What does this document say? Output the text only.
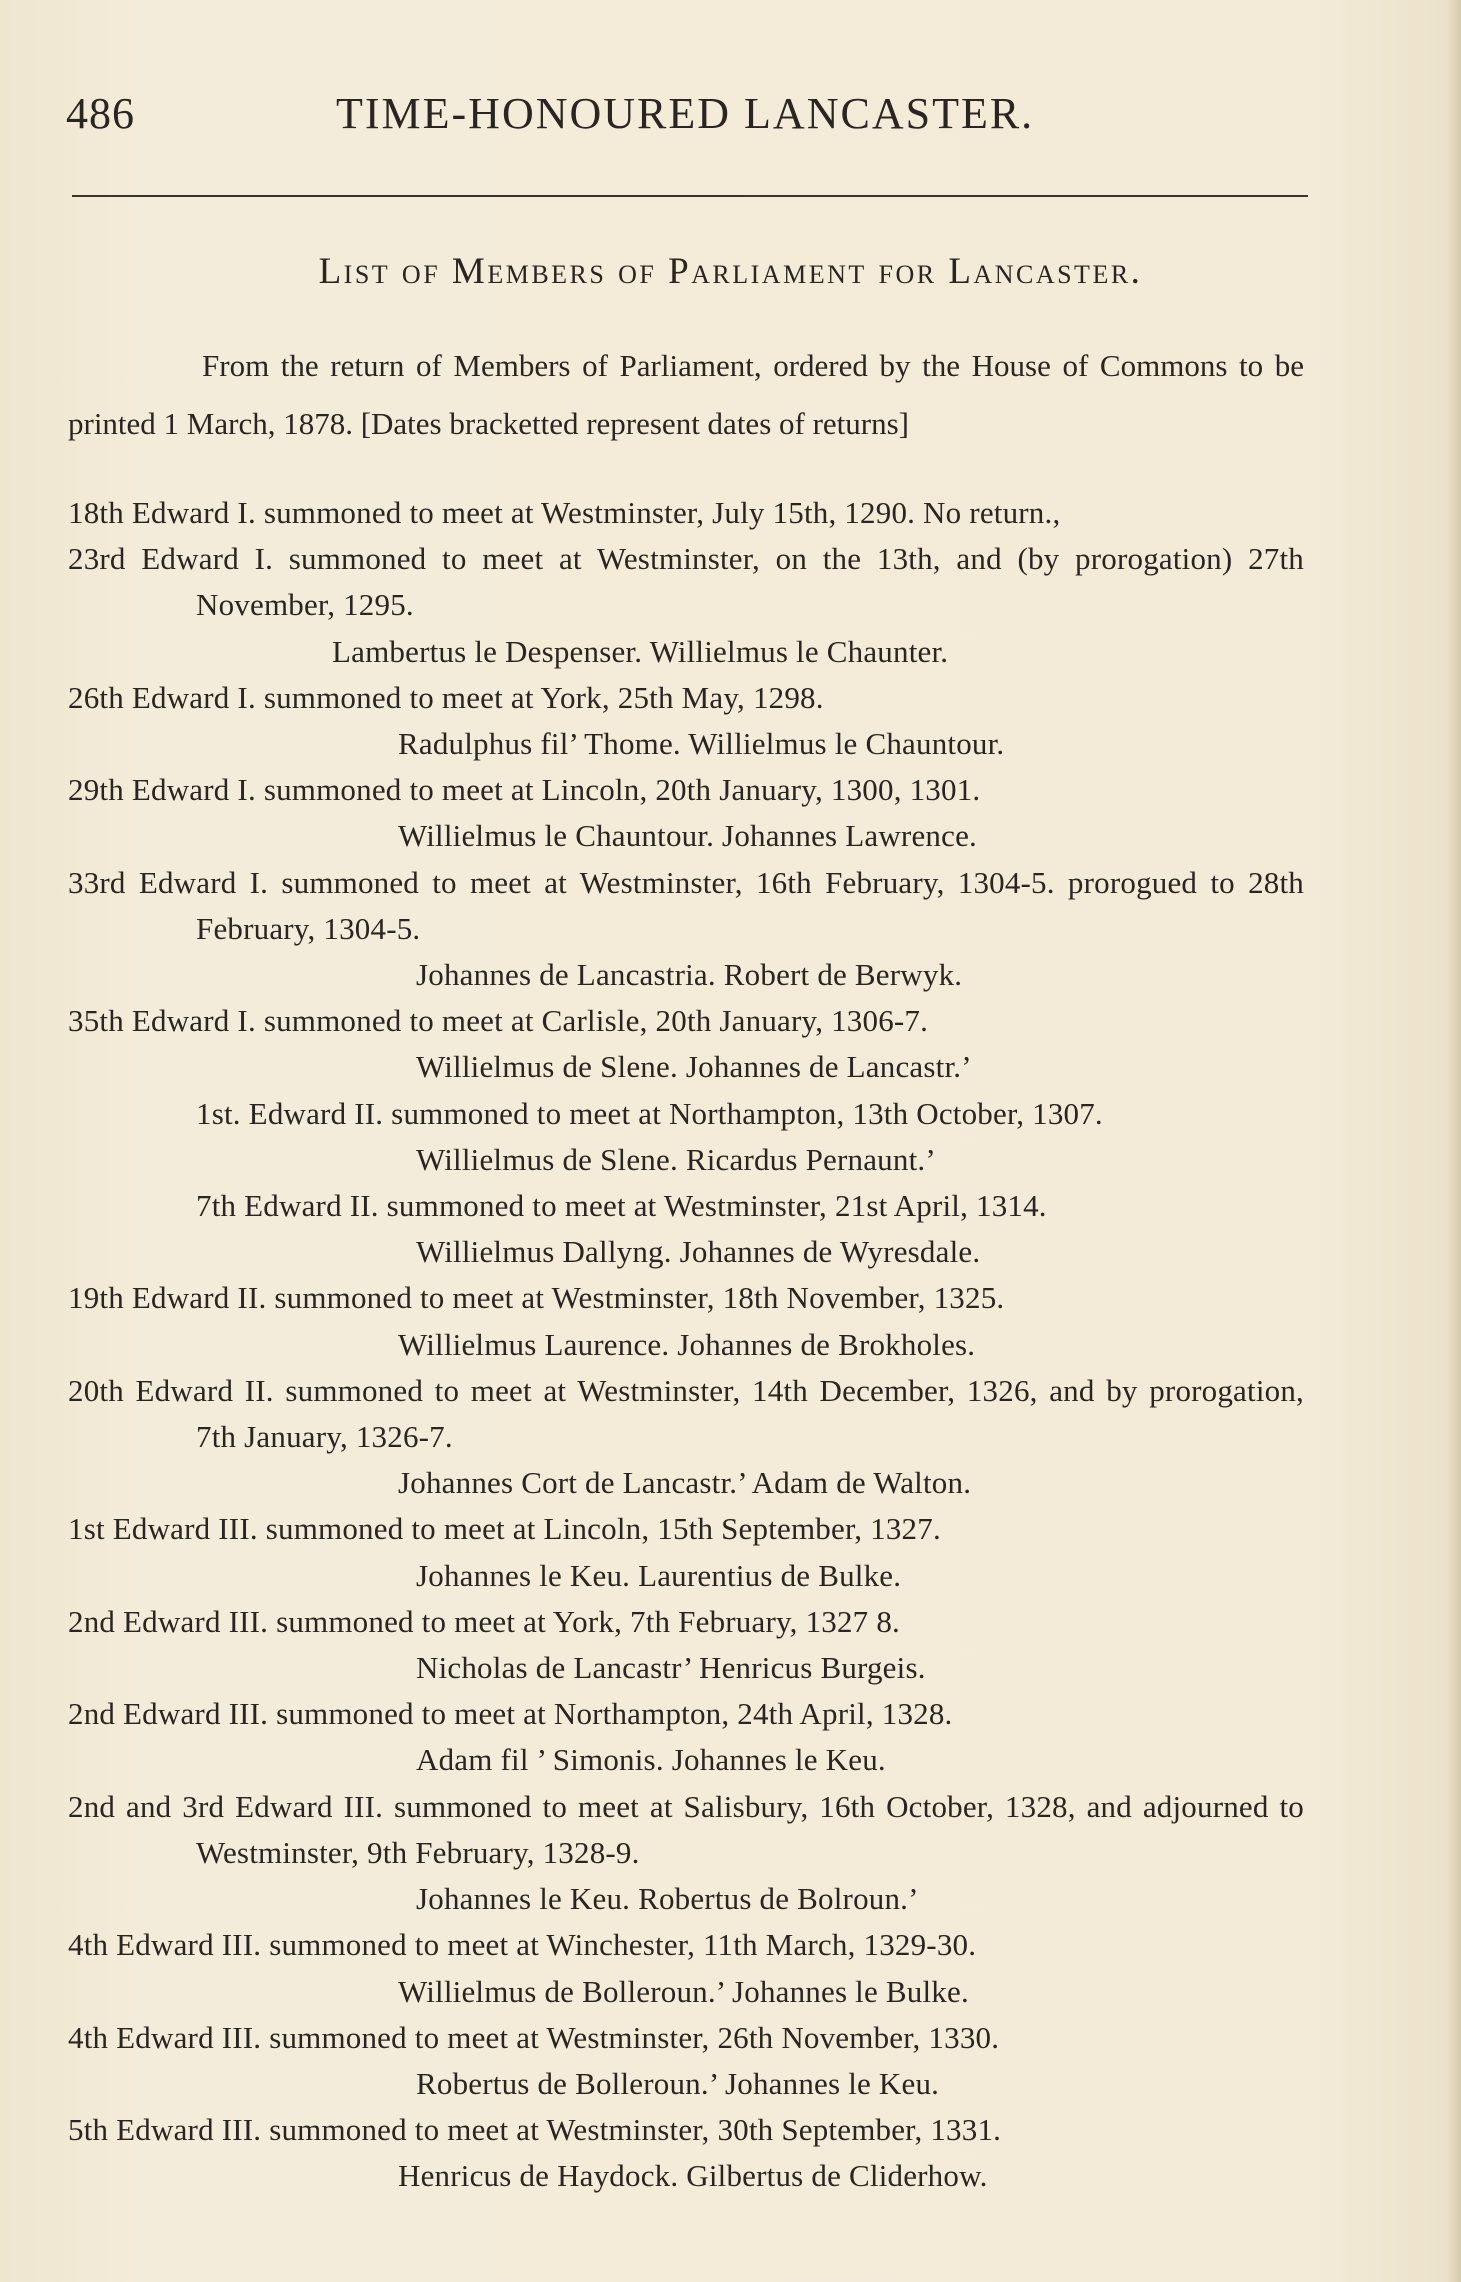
486	TIME-HONOURED LANCASTER.
List of Members of Parliament for Lancaster.

From the return of Members of Parliament, ordered by the House of Commons to be printed 1 March, 1878. [Dates bracketted represent dates of returns]

18th Edward I. summoned to meet at Westminster, July 15th, 1290. No return.,

23rd Edward I. summoned to meet at Westminster, on the 13th, and (by prorogation) 27th November, 1295.

Lambertus le Despenser. Willielmus le Chaunter.

26th Edward I. summoned to meet at York, 25th May, 1298.

Radulphus fil’ Thome. Willielmus le Chauntour.

29th Edward I. summoned to meet at Lincoln, 20th January, 1300, 1301.

Willielmus le Chauntour. Johannes Lawrence.

33rd Edward I. summoned to meet at Westminster, 16th February, 1304-5. prorogued to 28th February, 1304-5.

Johannes de Lancastria. Robert de Berwyk.

35th Edward I. summoned to meet at Carlisle, 20th January, 1306-7.

Willielmus de Slene. Johannes de Lancastr.’

1st. Edward II. summoned to meet at Northampton, 13th October, 1307.

Willielmus de Slene. Ricardus Pernaunt.’

7th Edward II. summoned to meet at Westminster, 21st April, 1314.

Willielmus Dallyng. Johannes de Wyresdale.

19th Edward II. summoned to meet at Westminster, 18th November, 1325.

Willielmus Laurence. Johannes de Brokholes.

20th Edward II. summoned to meet at Westminster, 14th December, 1326, and by prorogation, 7th January, 1326-7.

Johannes Cort de Lancastr.’ Adam de Walton.

1st Edward III. summoned to meet at Lincoln, 15th September, 1327.

Johannes le Keu. Laurentius de Bulke.

2nd Edward III. summoned to meet at York, 7th February, 1327 8.

Nicholas de Lancastr’ Henricus Burgeis.

2nd Edward III. summoned to meet at Northampton, 24th April, 1328.

Adam fil ’ Simonis. Johannes le Keu.

2nd and 3rd Edward III. summoned to meet at Salisbury, 16th October, 1328, and adjourned to Westminster, 9th February, 1328-9.

Johannes le Keu. Robertus de Bolroun.’

4th Edward III. summoned to meet at Winchester, 11th March, 1329-30.

Willielmus de Bolleroun.’ Johannes le Bulke.

4th Edward III. summoned to meet at Westminster, 26th November, 1330.

Robertus de Bolleroun.’ Johannes le Keu.

5th Edward III. summoned to meet at Westminster, 30th September, 1331.

Henricus de Haydock. Gilbertus de Cliderhow.
